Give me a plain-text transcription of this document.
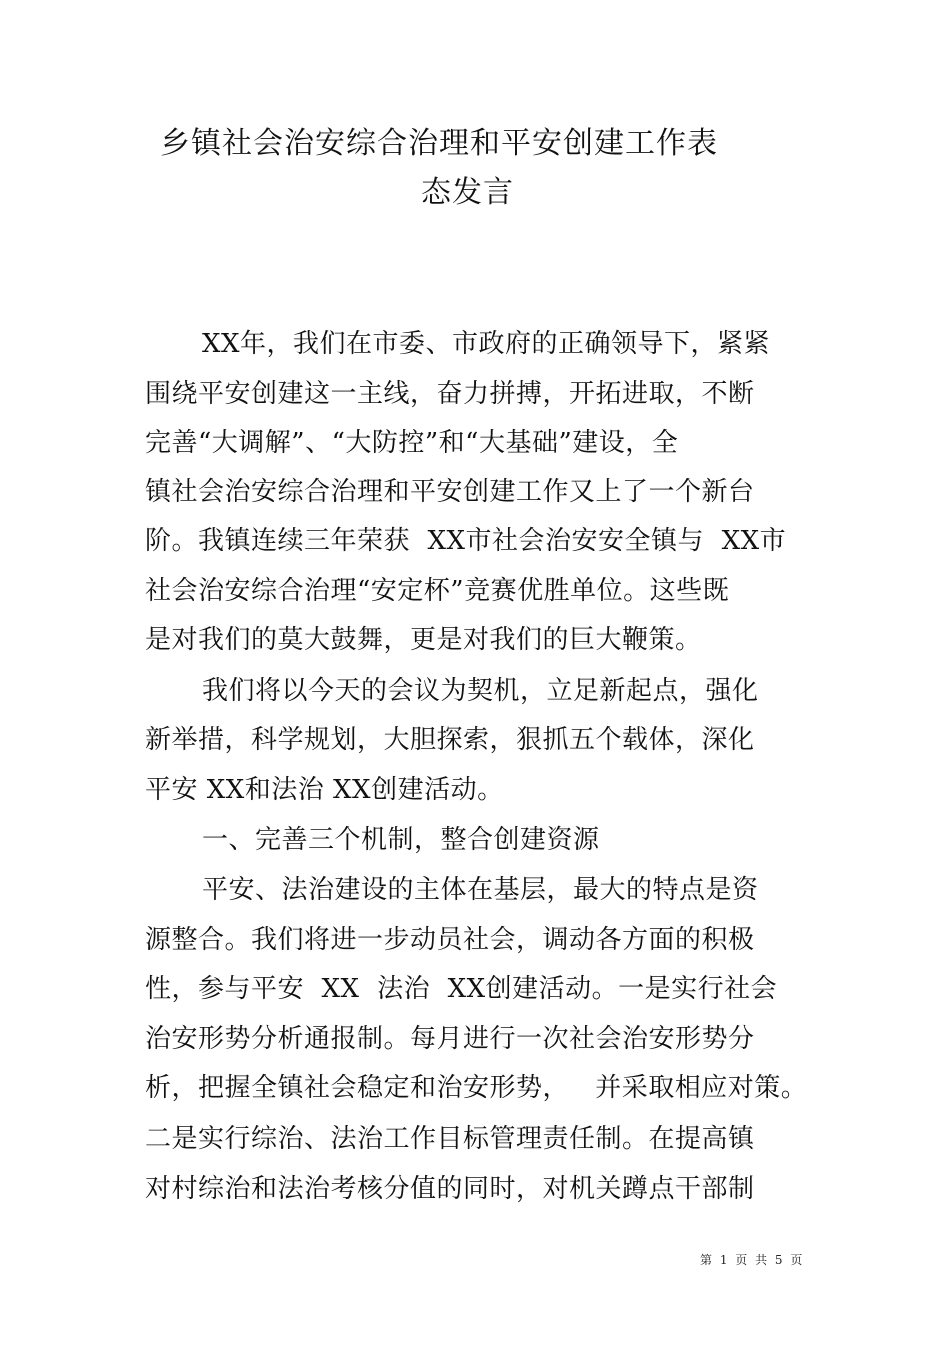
乡镇社会治安综合治理和平安创建工作表
态发言

XX年，我们在市委、市政府的正确领导下，紧紧

围绕平安创建这一主线，奋力拼搏，开拓进取，不断

完善“大调解”、“大防控”和“大基础”建设，全

镇社会治安综合治理和平安创建工作又上了一个新台

阶。我镇连续三年荣获  XX市社会治安安全镇与  XX市

社会治安综合治理“安定杯”竞赛优胜单位。这些既

是对我们的莫大鼓舞，更是对我们的巨大鞭策。

我们将以今天的会议为契机，立足新起点，强化

新举措，科学规划，大胆探索，狠抓五个载体，深化

平安 XX和法治 XX创建活动。

一、完善三个机制，整合创建资源

平安、法治建设的主体在基层，最大的特点是资

源整合。我们将进一步动员社会，调动各方面的积极

性，参与平安  XX  法治  XX创建活动。一是实行社会

治安形势分析通报制。每月进行一次社会治安形势分

析，把握全镇社会稳定和治安形势，   并采取相应对策。

二是实行综治、法治工作目标管理责任制。在提高镇

对村综治和法治考核分值的同时，对机关蹲点干部制

第 1 页 共 5 页
